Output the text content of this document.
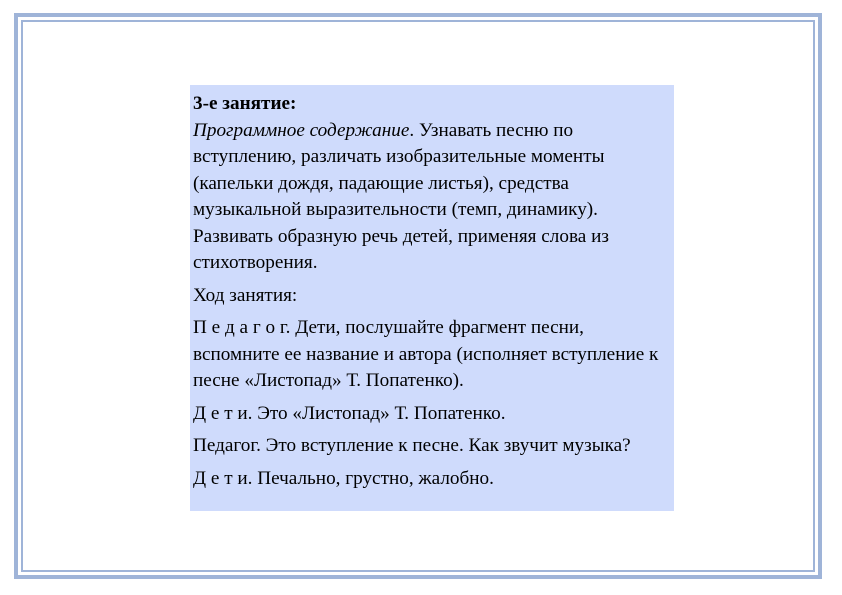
3-е занятие:

Программное содержание. Узнавать песню по вступлению, различать изобразительные моменты (капельки дождя, падающие листья), средства музыкальной выразительности (темп, динамику). Развивать образную речь детей, применяя слова из стихотворения.

Ход занятия:

П е д а г о г. Дети, послушайте фрагмент песни, вспомните ее название и автора (исполняет вступление к песне «Листопад» Т. Попатенко).

Д е т и. Это «Листопад» Т. Попатенко.

Педагог. Это вступление к песне. Как звучит музыка?

Д е т и. Печально, грустно, жалобно.
